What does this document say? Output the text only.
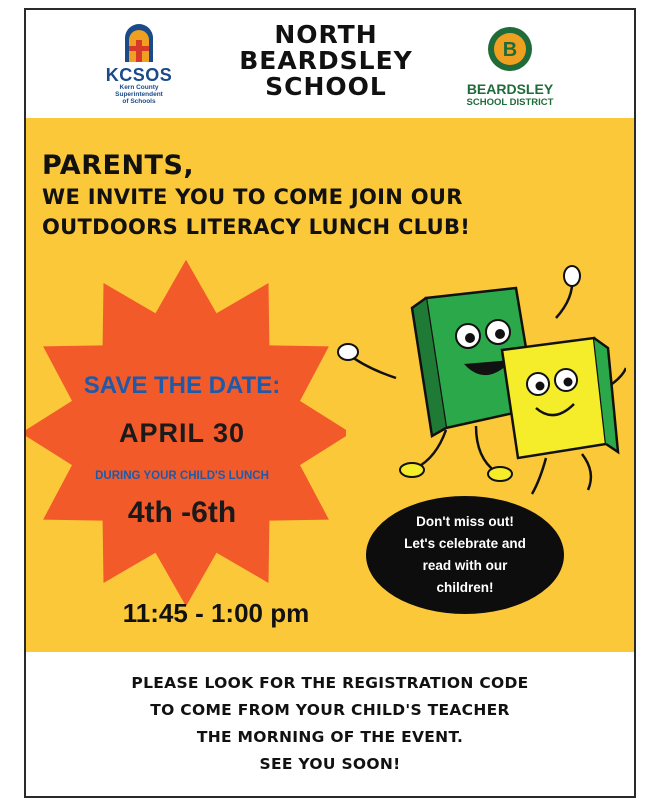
KCSOS
Kern County
Superintendent
of Schools
NORTH
BEARDSLEY
SCHOOL
B
BEARDSLEY
SCHOOL DISTRICT
PARENTS,
WE INVITE YOU TO COME JOIN OUR
OUTDOORS LITERACY LUNCH CLUB!
SAVE THE DATE:
APRIL 30
DURING YOUR CHILD'S LUNCH
4th -6th
11:45 - 1:00 pm
Don't miss out!
Let's celebrate and
read with our
children!
PLEASE LOOK FOR THE REGISTRATION CODE
TO COME FROM YOUR CHILD'S TEACHER
THE MORNING OF THE EVENT.
SEE YOU SOON!
